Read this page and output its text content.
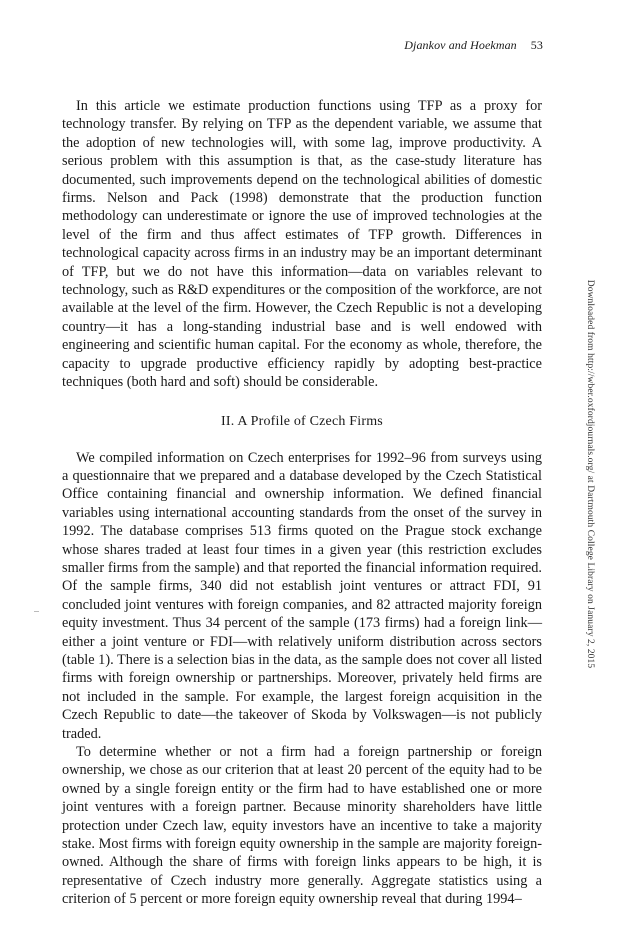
Djankov and Hoekman 53

In this article we estimate production functions using TFP as a proxy for technology transfer. By relying on TFP as the dependent variable, we assume that the adoption of new technologies will, with some lag, improve productivity. A serious problem with this assumption is that, as the case-study literature has documented, such improvements depend on the technological abilities of domestic firms. Nelson and Pack (1998) demonstrate that the production function methodology can underestimate or ignore the use of improved technologies at the level of the firm and thus affect estimates of TFP growth. Differences in technological capacity across firms in an industry may be an important determinant of TFP, but we do not have this information—data on variables relevant to technology, such as R&D expenditures or the composition of the workforce, are not available at the level of the firm. However, the Czech Republic is not a developing country—it has a long-standing industrial base and is well endowed with engineering and scientific human capital. For the economy as whole, therefore, the capacity to upgrade productive efficiency rapidly by adopting best-practice techniques (both hard and soft) should be considerable.

II. A Profile of Czech Firms

We compiled information on Czech enterprises for 1992–96 from surveys using a questionnaire that we prepared and a database developed by the Czech Statistical Office containing financial and ownership information. We defined financial variables using international accounting standards from the onset of the survey in 1992. The database comprises 513 firms quoted on the Prague stock exchange whose shares traded at least four times in a given year (this restriction excludes smaller firms from the sample) and that reported the financial information required. Of the sample firms, 340 did not establish joint ventures or attract FDI, 91 concluded joint ventures with foreign companies, and 82 attracted majority foreign equity investment. Thus 34 percent of the sample (173 firms) had a foreign link—either a joint venture or FDI—with relatively uniform distribution across sectors (table 1). There is a selection bias in the data, as the sample does not cover all listed firms with foreign ownership or partnerships. Moreover, privately held firms are not included in the sample. For example, the largest foreign acquisition in the Czech Republic to date—the takeover of Skoda by Volkswagen—is not publicly traded.

To determine whether or not a firm had a foreign partnership or foreign ownership, we chose as our criterion that at least 20 percent of the equity had to be owned by a single foreign entity or the firm had to have established one or more joint ventures with a foreign partner. Because minority shareholders have little protection under Czech law, equity investors have an incentive to take a majority stake. Most firms with foreign equity ownership in the sample are majority foreign-owned. Although the share of firms with foreign links appears to be high, it is representative of Czech industry more generally. Aggregate statistics using a criterion of 5 percent or more foreign equity ownership reveal that during 1994–

Downloaded from http://wber.oxfordjournals.org/ at Dartmouth College Library on January 2, 2015
